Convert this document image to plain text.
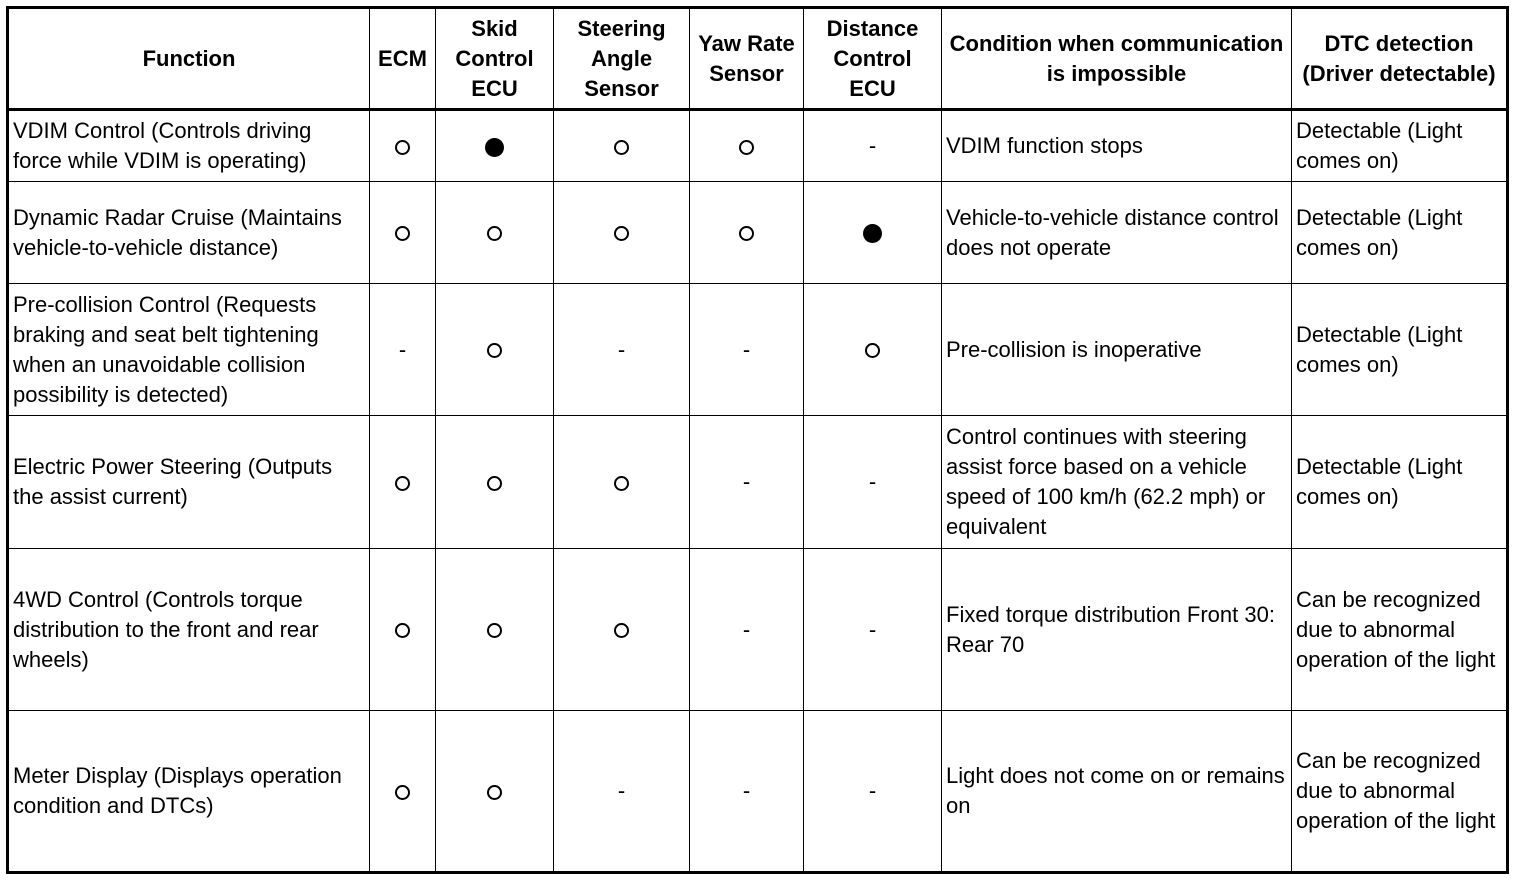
Function	ECM	Skid Control ECU	Steering Angle Sensor	Yaw Rate Sensor	Distance Control ECU	Condition when communication is impossible	DTC detection (Driver detectable)
VDIM Control (Controls driving force while VDIM is operating)					-	VDIM function stops	Detectable (Light comes on)
Dynamic Radar Cruise (Maintains vehicle-to-vehicle distance)						Vehicle-to-vehicle distance control does not operate	Detectable (Light comes on)
Pre-collision Control (Requests braking and seat belt tightening when an unavoidable collision possibility is detected)	-		-	-		Pre-collision is inoperative	Detectable (Light comes on)
Electric Power Steering (Outputs the assist current)				-	-	Control continues with steering assist force based on a vehicle speed of 100 km/h (62.2 mph) or equivalent	Detectable (Light comes on)
4WD Control (Controls torque distribution to the front and rear wheels)				-	-	Fixed torque distribution Front 30: Rear 70	Can be recognized due to abnormal operation of the light
Meter Display (Displays operation condition and DTCs)			-	-	-	Light does not come on or remains on	Can be recognized due to abnormal operation of the light
